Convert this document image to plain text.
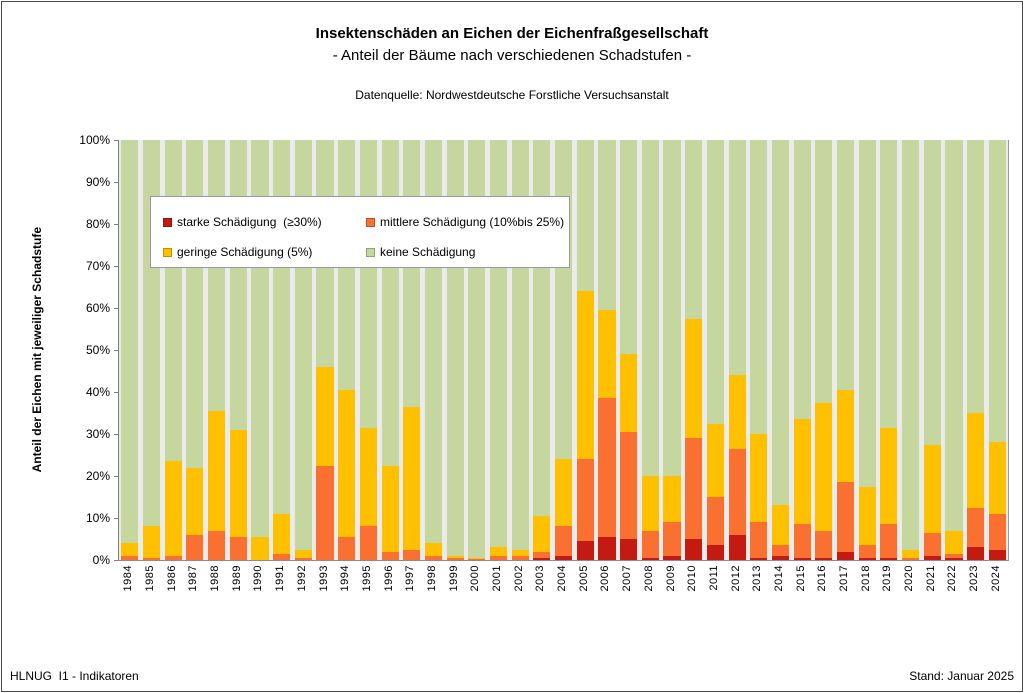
Insektenschäden an Eichen der Eichenfraßgesellschaft
- Anteil der Bäume nach verschiedenen Schadstufen -
Datenquelle: Nordwestdeutsche Forstliche Versuchsanstalt
Anteil der Eichen mit jeweiliger Schadstufe
100%
90%
80%
70%
60%
50%
40%
30%
20%
10%
0%
1984 1985 1986 1987 1988 1989 1990 1991 1992 1993 1994 1995 1996 1997 1998 1999 2000 2001 2002 2003 2004 2005 2006 2007 2008 2009 2010 2011 2012 2013 2014 2015 2016 2017 2018 2019 2020 2021 2022 2023 2024
starke Schädigung  (≥30%)	mittlere Schädigung (10%bis 25%)
geringe Schädigung (5%)	keine Schädigung
HLNUG  I1 - Indikatoren	Stand: Januar 2025
